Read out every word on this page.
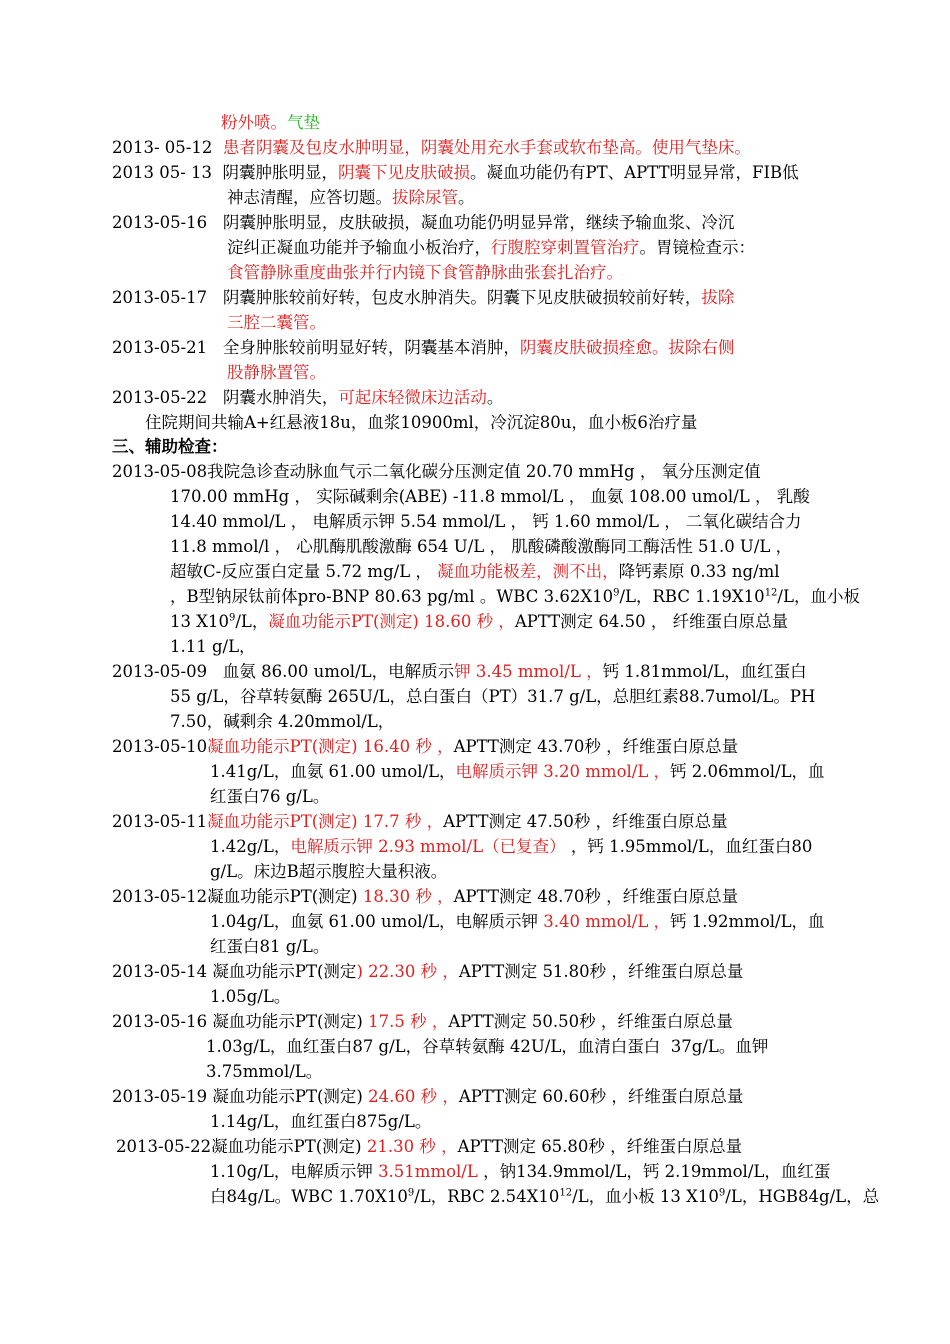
粉外喷。气垫
2013- 05-12  患者阴囊及包皮水肿明显，阴囊处用充水手套或软布垫高。使用气垫床。
2013 05- 13  阴囊肿胀明显，阴囊下见皮肤破损。凝血功能仍有PT、APTT明显异常，FIB低
神志清醒，应答切题。拔除尿管。
2013-05-16   阴囊肿胀明显，皮肤破损，凝血功能仍明显异常，继续予输血浆、冷沉
淀纠正凝血功能并予输血小板治疗，行腹腔穿刺置管治疗。胃镜检查示：
食管静脉重度曲张并行内镜下食管静脉曲张套扎治疗。
2013-05-17   阴囊肿胀较前好转，包皮水肿消失。阴囊下见皮肤破损较前好转，拔除
三腔二囊管。
2013-05-21   全身肿胀较前明显好转，阴囊基本消肿，阴囊皮肤破损痊愈。拔除右侧
股静脉置管。
2013-05-22   阴囊水肿消失，可起床轻微床边活动。
住院期间共输A+红悬液18u，血浆10900ml，冷沉淀80u，血小板6治疗量
三、辅助检查：
2013-05-08我院急诊查动脉血气示二氧化碳分压测定值 20.70 mmHg ， 氧分压测定值
170.00 mmHg ， 实际碱剩余(ABE) -11.8 mmol/L ， 血氨 108.00 umol/L ， 乳酸
14.40 mmol/L ， 电解质示钾 5.54 mmol/L ， 钙 1.60 mmol/L ， 二氧化碳结合力
11.8 mmol/l ， 心肌酶肌酸激酶 654 U/L ， 肌酸磷酸激酶同工酶活性 51.0 U/L ，
超敏C-反应蛋白定量 5.72 mg/L ， 凝血功能极差，测不出，降钙素原 0.33 ng/ml
，B型钠尿钛前体pro-BNP 80.63 pg/ml 。WBC $3.62X10^9/L$，RBC $1.19X10^{12}/L$，血小板
13 $X10^9/L$，凝血功能示PT(测定) 18.60 秒 ，APTT测定 64.50 ， 纤维蛋白原总量
1.11 g/L，
2013-05-09   血氨 86.00 umol/L，电解质示钾 3.45 mmol/L ，钙 1.81mmol/L，血红蛋白
55 g/L，谷草转氨酶 265U/L，总白蛋白（PT）31.7 g/L，总胆红素88.7umol/L。PH
7.50，碱剩余 4.20mmol/L，
2013-05-10凝血功能示PT(测定) 16.40 秒 ，APTT测定 43.70秒 ，纤维蛋白原总量
1.41g/L，血氨 61.00 umol/L，电解质示钾 3.20 mmol/L ，钙 2.06mmol/L，血
红蛋白76 g/L。
2013-05-11凝血功能示PT(测定) 17.7 秒 ，APTT测定 47.50秒 ，纤维蛋白原总量
1.42g/L，电解质示钾 2.93 mmol/L（已复查） ，钙 1.95mmol/L，血红蛋白80
g/L。床边B超示腹腔大量积液。
2013-05-12凝血功能示PT(测定) 18.30 秒 ，APTT测定 48.70秒 ，纤维蛋白原总量
1.04g/L，血氨 61.00 umol/L，电解质示钾 3.40 mmol/L ，钙 1.92mmol/L，血
红蛋白81 g/L。
2013-05-14 凝血功能示PT(测定) 22.30 秒 ，APTT测定 51.80秒 ，纤维蛋白原总量
1.05g/L。
2013-05-16 凝血功能示PT(测定) 17.5 秒 ，APTT测定 50.50秒 ，纤维蛋白原总量
1.03g/L，血红蛋白87 g/L，谷草转氨酶 42U/L，血清白蛋白  37g/L。血钾
3.75mmol/L。
2013-05-19 凝血功能示PT(测定) 24.60 秒 ，APTT测定 60.60秒 ，纤维蛋白原总量
1.14g/L，血红蛋白875g/L。
2013-05-22凝血功能示PT(测定) 21.30 秒 ，APTT测定 65.80秒 ，纤维蛋白原总量
1.10g/L，电解质示钾 3.51mmol/L ，钠134.9mmol/L，钙 2.19mmol/L，血红蛋
白84g/L。WBC $1.70X10^9/L$，RBC $2.54X10^{12}/L$，血小板 13 $X10^9/L$，HGB84g/L，总
